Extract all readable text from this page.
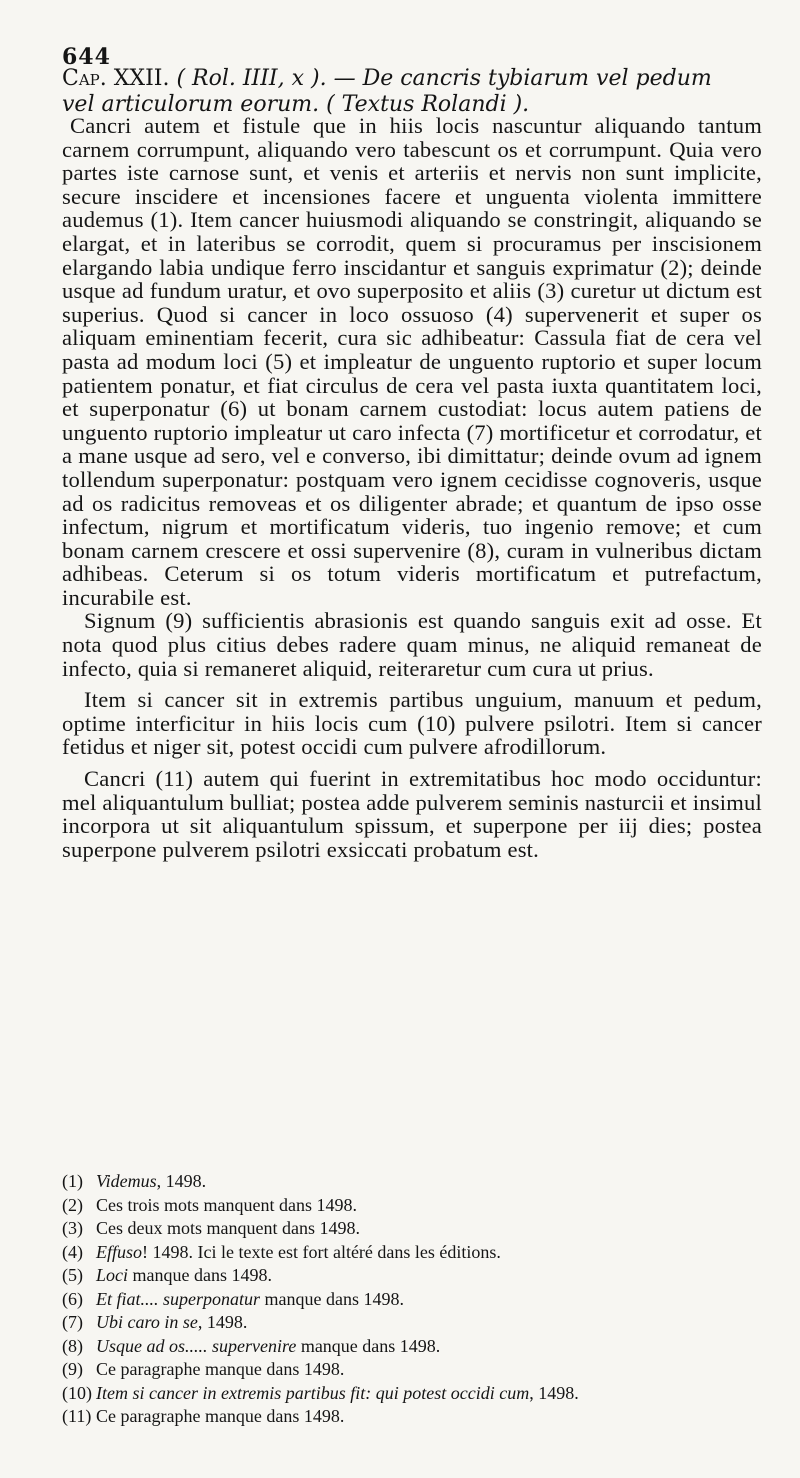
644
Cap. XXII. ( Rol. IIII, x ). — De cancris tybiarum vel pedum
vel articulorum eorum. ( Textus Rolandi ).

Cancri autem et fistule que in hiis locis nascuntur aliquando tantum carnem corrumpunt, aliquando vero tabescunt os et corrumpunt. Quia vero partes iste carnose sunt, et venis et arteriis et nervis non sunt implicite, secure inscidere et incensiones facere et unguenta violenta immittere audemus (1). Item cancer huiusmodi aliquando se constringit, aliquando se elargat, et in lateribus se corrodit, quem si procuramus per inscisionem elargando labia undique ferro inscidantur et sanguis exprimatur (2); deinde usque ad fundum uratur, et ovo superposito et aliis (3) curetur ut dictum est superius. Quod si cancer in loco ossuoso (4) supervenerit et super os aliquam eminentiam fecerit, cura sic adhibeatur: Cassula fiat de cera vel pasta ad modum loci (5) et impleatur de unguento ruptorio et super locum patientem ponatur, et fiat circulus de cera vel pasta iuxta quantitatem loci, et superponatur (6) ut bonam carnem custodiat: locus autem patiens de unguento ruptorio impleatur ut caro infecta (7) mortificetur et corrodatur, et a mane usque ad sero, vel e converso, ibi dimittatur; deinde ovum ad ignem tollendum superponatur: postquam vero ignem cecidisse cognoveris, usque ad os radicitus removeas et os diligenter abrade; et quantum de ipso osse infectum, nigrum et mortificatum videris, tuo ingenio remove; et cum bonam carnem crescere et ossi supervenire (8), curam in vulneribus dictam adhibeas. Ceterum si os totum videris mortificatum et putrefactum, incurabile est.

Signum (9) sufficientis abrasionis est quando sanguis exit ad osse. Et nota quod plus citius debes radere quam minus, ne aliquid remaneat de infecto, quia si remaneret aliquid, reiteraretur cum cura ut prius.

Item si cancer sit in extremis partibus unguium, manuum et pedum, optime interficitur in hiis locis cum (10) pulvere psilotri. Item si cancer fetidus et niger sit, potest occidi cum pulvere afrodillorum.

Cancri (11) autem qui fuerint in extremitatibus hoc modo occiduntur: mel aliquantulum bulliat; postea adde pulverem seminis nasturcii et insimul incorpora ut sit aliquantulum spissum, et superpone per iij dies; postea superpone pulverem psilotri exsiccati probatum est.

(1) Videmus, 1498.
(2) Ces trois mots manquent dans 1498.
(3) Ces deux mots manquent dans 1498.
(4) Effuso! 1498. Ici le texte est fort altéré dans les éditions.
(5) Loci manque dans 1498.
(6) Et fiat.... superponatur manque dans 1498.
(7) Ubi caro in se, 1498.
(8) Usque ad os..... supervenire manque dans 1498.
(9) Ce paragraphe manque dans 1498.
(10) Item si cancer in extremis partibus fit: qui potest occidi cum, 1498.
(11) Ce paragraphe manque dans 1498.
